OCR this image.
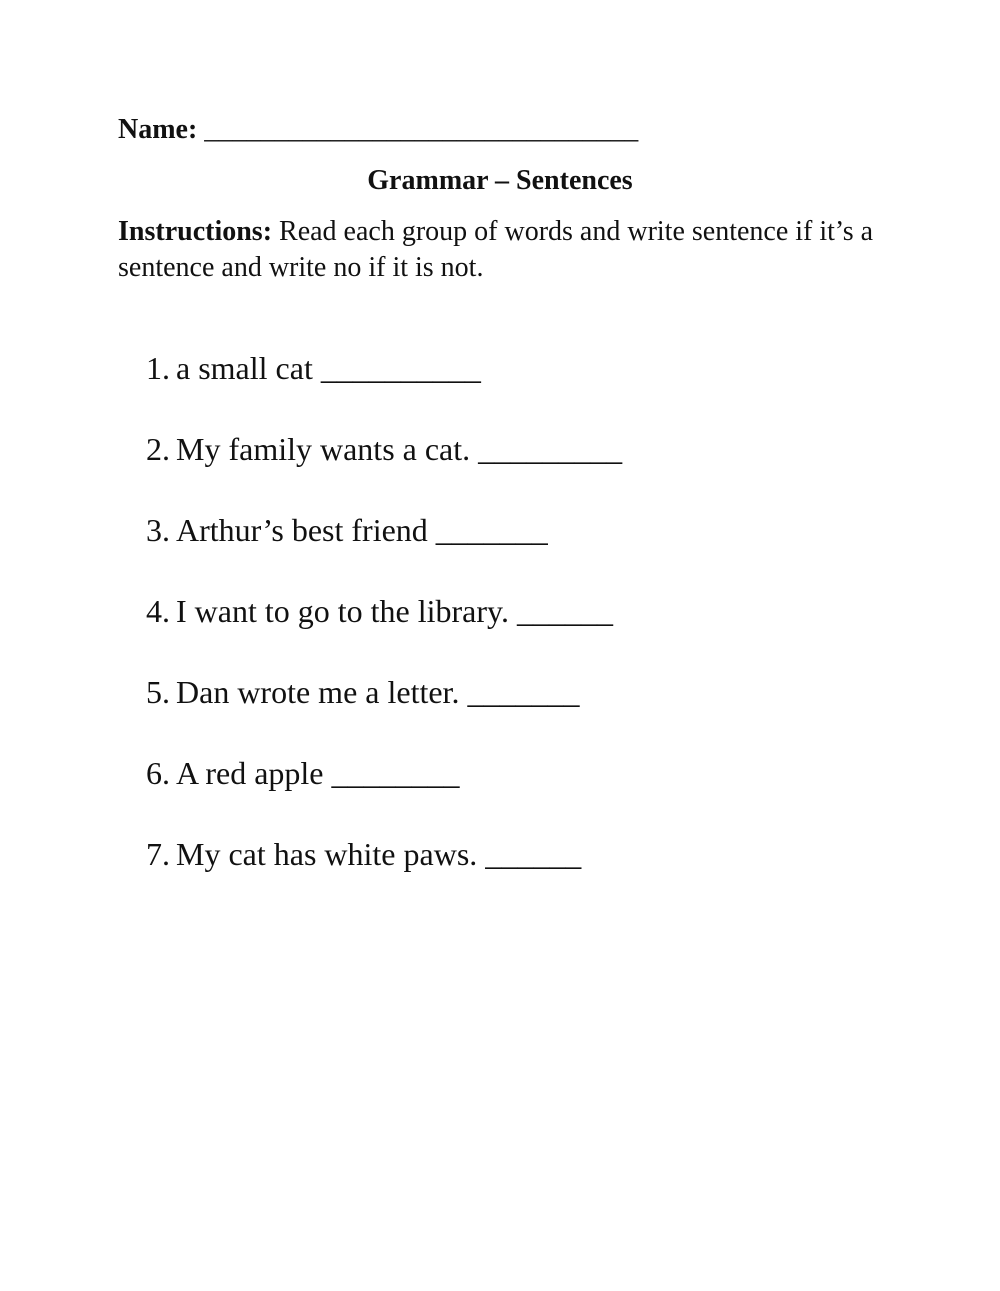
Name: _______________________________
Grammar – Sentences
Instructions: Read each group of words and write sentence if it’s a sentence and write no if it is not.
1. a small cat __________
2. My family wants a cat. _________
3. Arthur’s best friend _______
4. I want to go to the library. ______
5. Dan wrote me a letter. _______
6. A red apple ________
7. My cat has white paws. ______
